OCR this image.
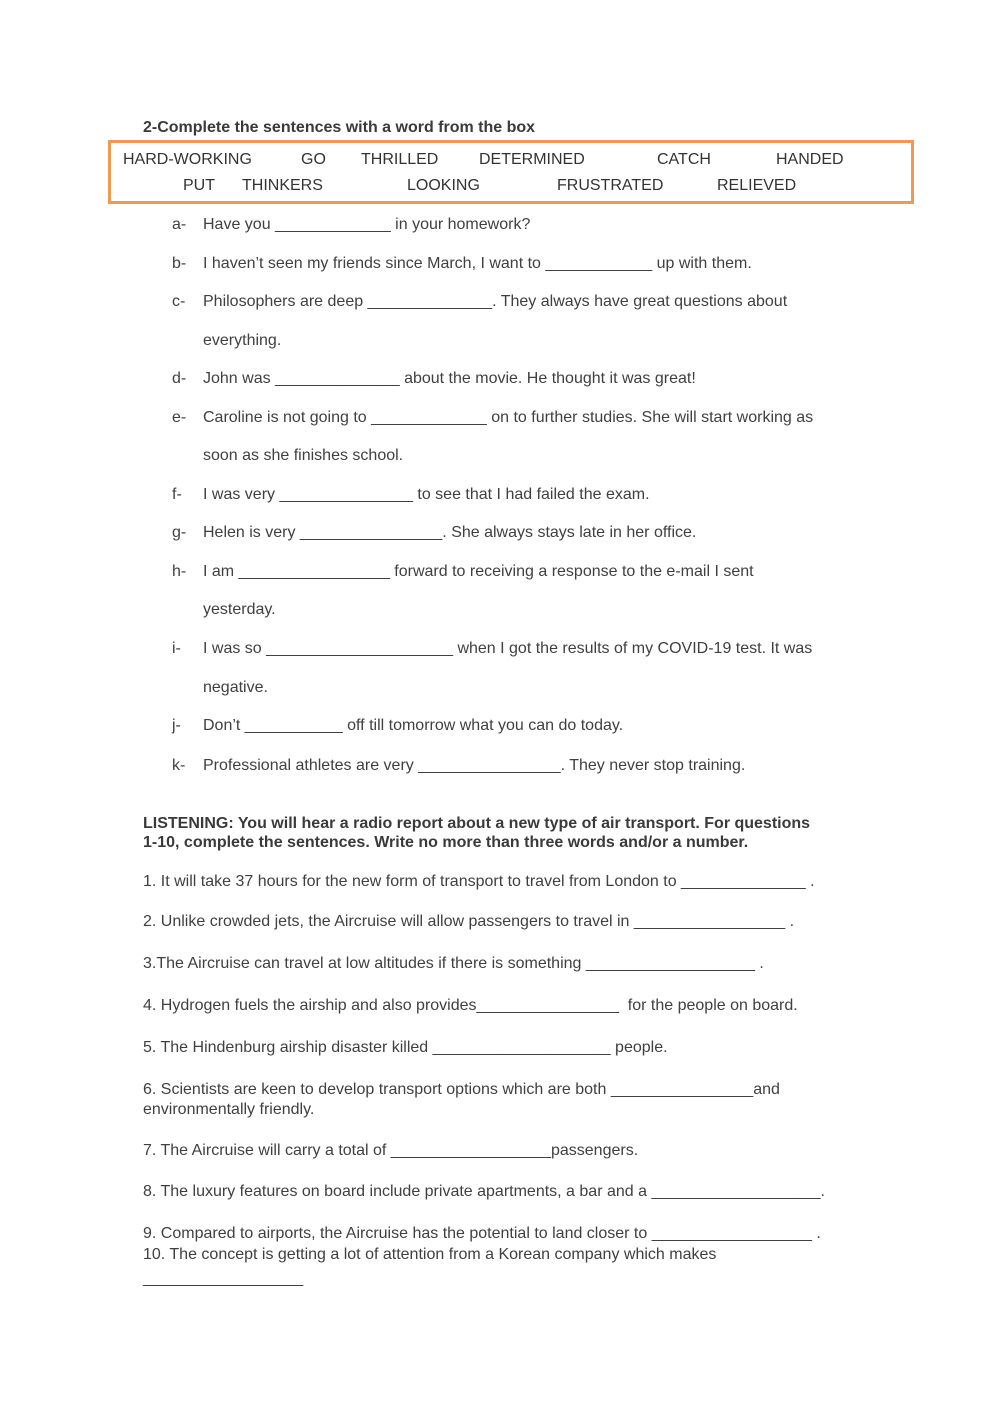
2-Complete the sentences with a word from the box
HARD-WORKING	GO THRILLED	DETERMINED	CATCH	HANDED
PUT THINKERS	LOOKING	FRUSTRATED	RELIEVED
a- Have you _____________ in your homework?
b- I haven’t seen my friends since March, I want to ____________ up with them.
c- Philosophers are deep ______________. They always have great questions about
everything.
d- John was ______________ about the movie. He thought it was great!
e- Caroline is not going to _____________ on to further studies. She will start working as
soon as she finishes school.
f- I was very _______________ to see that I had failed the exam.
g- Helen is very ________________. She always stays late in her office.
h- I am _________________ forward to receiving a response to the e-mail I sent
yesterday.
i- I was so _____________________ when I got the results of my COVID-19 test. It was
negative.
j- Don’t ___________ off till tomorrow what you can do today.
k- Professional athletes are very ________________. They never stop training.
LISTENING: You will hear a radio report about a new type of air transport. For questions
1-10, complete the sentences. Write no more than three words and/or a number.
1. It will take 37 hours for the new form of transport to travel from London to ______________ .
2. Unlike crowded jets, the Aircruise will allow passengers to travel in _________________ .
3.The Aircruise can travel at low altitudes if there is something ___________________ .
4. Hydrogen fuels the airship and also provides________________  for the people on board.
5. The Hindenburg airship disaster killed ____________________ people.
6. Scientists are keen to develop transport options which are both ________________and
environmentally friendly.
7. The Aircruise will carry a total of __________________passengers.
8. The luxury features on board include private apartments, a bar and a ___________________.
9. Compared to airports, the Aircruise has the potential to land closer to __________________ .
10. The concept is getting a lot of attention from a Korean company which makes
__________________
